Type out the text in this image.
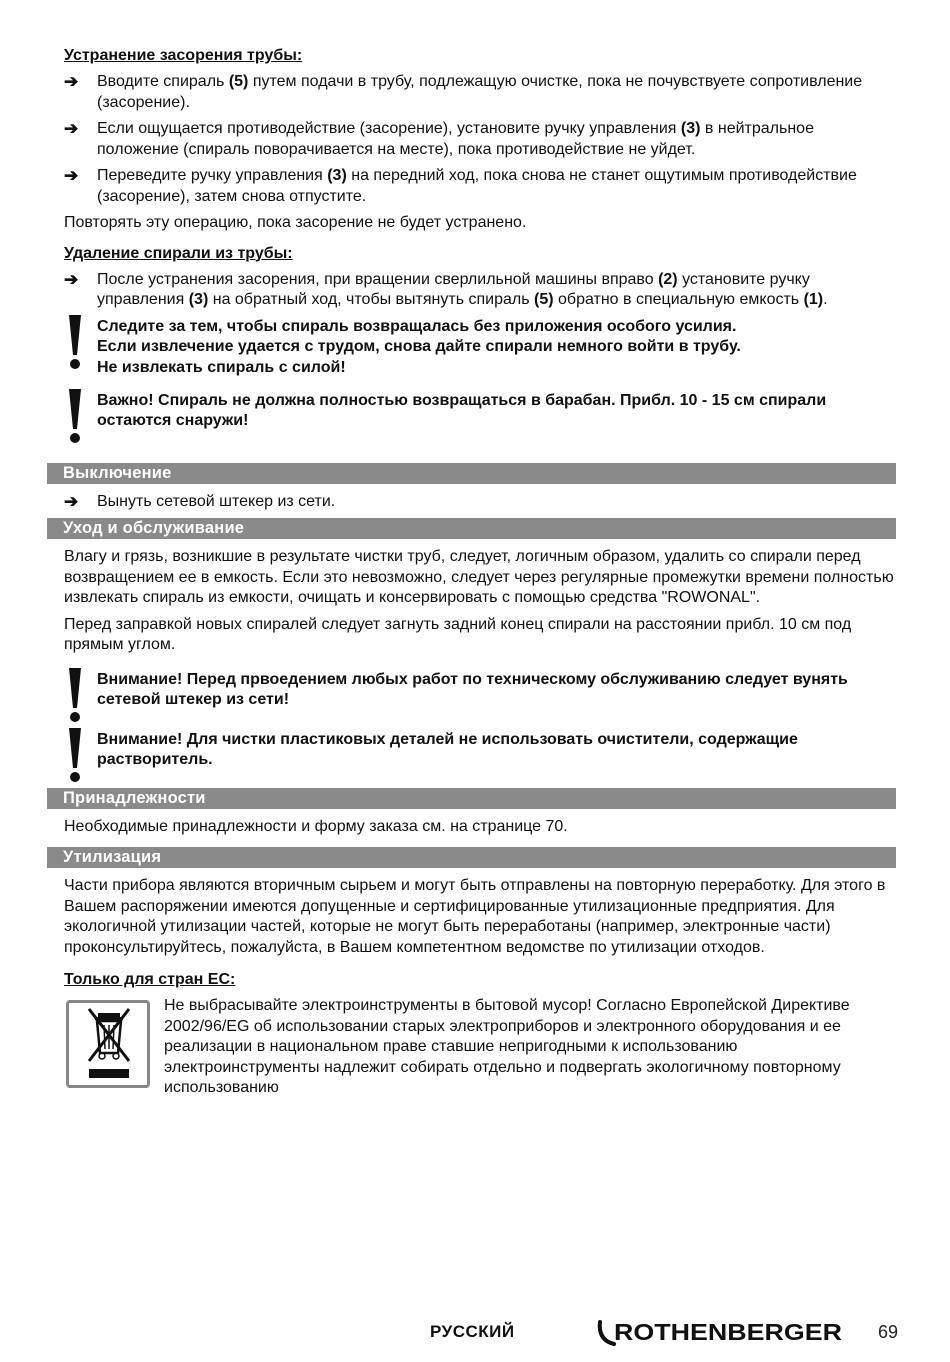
Устранение засорения трубы:
➔ Вводите спираль (5) путем подачи в трубу, подлежащую очистке, пока не почувствуете сопротивление (засорение).
➔ Если ощущается противодействие (засорение), установите ручку управления (3) в нейтральное положение (спираль поворачивается на месте), пока противодействие не уйдет.
➔ Переведите ручку управления (3) на передний ход, пока снова не станет ощутимым противодействие (засорение), затем снова отпустите.
Повторять эту операцию, пока засорение не будет устранено.
Удаление спирали из трубы:
➔ После устранения засорения, при вращении сверлильной машины вправо (2) установите ручку управления (3) на обратный ход, чтобы вытянуть спираль (5) обратно в специальную емкость (1).
Следите за тем, чтобы спираль возвращалась без приложения особого усилия.
Если извлечение удается с трудом, снова дайте спирали немного войти в трубу.
Не извлекать спираль с силой!
Важно! Спираль не должна полностью возвращаться в барабан. Прибл. 10 - 15 см спирали остаются снаружи!
Выключение
➔ Вынуть сетевой штекер из сети.
Уход и обслуживание
Влагу и грязь, возникшие в результате чистки труб, следует, логичным образом, удалить со спирали перед возвращением ее в емкость. Если это невозможно, следует через регулярные промежутки времени полностью извлекать спираль из емкости, очищать и консервировать с помощью средства "ROWONAL".
Перед заправкой новых спиралей следует загнуть задний конец спирали на расстоянии прибл. 10 см под прямым углом.
Внимание! Перед првоедением любых работ по техническому обслуживанию следует вунять сетевой штекер из сети!
Внимание! Для чистки пластиковых деталей не использовать очистители, содержащие растворитель.
Принадлежности
Необходимые принадлежности и форму заказа см. на странице 70.
Утилизация
Части прибора являются вторичным сырьем и могут быть отправлены на повторную переработку. Для этого в Вашем распоряжении имеются допущенные и сертифицированные утилизационные предприятия. Для экологичной утилизации частей, которые не могут быть переработаны (например, электронные части) проконсультируйтесь, пожалуйста, в Вашем компетентном ведомстве по утилизации отходов.
Только для стран ЕС:
Не выбрасывайте электроинструменты в бытовой мусор! Согласно Европейской Директиве 2002/96/EG об использовании старых электроприборов и электронного оборудования и ее реализации в национальном праве ставшие непригодными к использованию электроинструменты надлежит собирать отдельно и подвергать экологичному повторному использованию
РУССКИЙ	ROTHENBERGER 69
